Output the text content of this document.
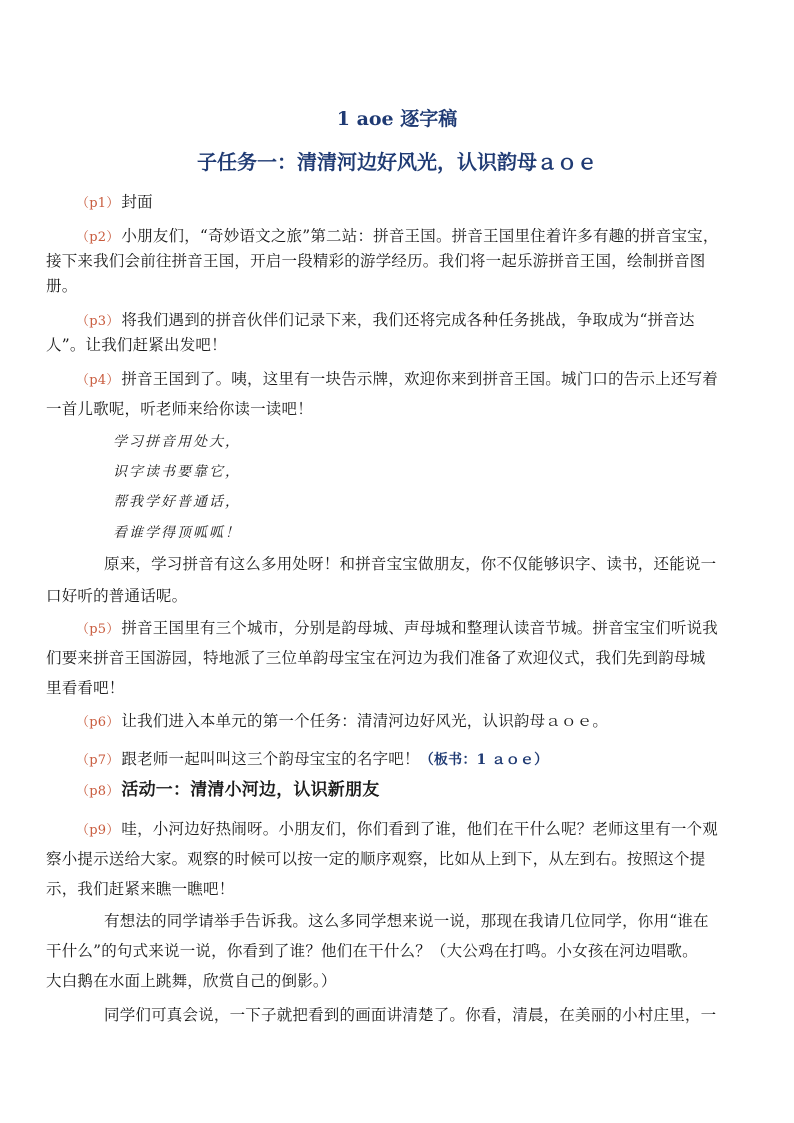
1 aoe 逐字稿
子任务一：清清河边好风光，认识韵母ａｏｅ
（p1） 封面
（p2） 小朋友们，“奇妙语文之旅”第二站：拼音王国。拼音王国里住着许多有趣的拼音宝宝，
接下来我们会前往拼音王国，开启一段精彩的游学经历。我们将一起乐游拼音王国，绘制拼音图
册。
（p3） 将我们遇到的拼音伙伴们记录下来，我们还将完成各种任务挑战，争取成为“拼音达
人”。让我们赶紧出发吧！
（p4） 拼音王国到了。咦，这里有一块告示牌，欢迎你来到拼音王国。城门口的告示上还写着
一首儿歌呢，听老师来给你读一读吧！
学习拼音用处大，
识字读书要靠它，
帮我学好普通话，
看谁学得顶呱呱！
原来，学习拼音有这么多用处呀！和拼音宝宝做朋友，你不仅能够识字、读书，还能说一
口好听的普通话呢。
（p5） 拼音王国里有三个城市，分别是韵母城、声母城和整理认读音节城。拼音宝宝们听说我
们要来拼音王国游园，特地派了三位单韵母宝宝在河边为我们准备了欢迎仪式，我们先到韵母城
里看看吧！
（p6） 让我们进入本单元的第一个任务：清清河边好风光，认识韵母ａｏｅ。
（p7） 跟老师一起叫叫这三个韵母宝宝的名字吧！（板书：1 ａｏｅ）
（p8） 活动一：清清小河边，认识新朋友
（p9） 哇，小河边好热闹呀。小朋友们，你们看到了谁，他们在干什么呢？老师这里有一个观
察小提示送给大家。观察的时候可以按一定的顺序观察，比如从上到下，从左到右。按照这个提
示，我们赶紧来瞧一瞧吧！
有想法的同学请举手告诉我。这么多同学想来说一说，那现在我请几位同学，你用“谁在
干什么”的句式来说一说，你看到了谁？他们在干什么？（大公鸡在打鸣。小女孩在河边唱歌。
大白鹅在水面上跳舞，欣赏自己的倒影。）
同学们可真会说，一下子就把看到的画面讲清楚了。你看，清晨，在美丽的小村庄里，一
